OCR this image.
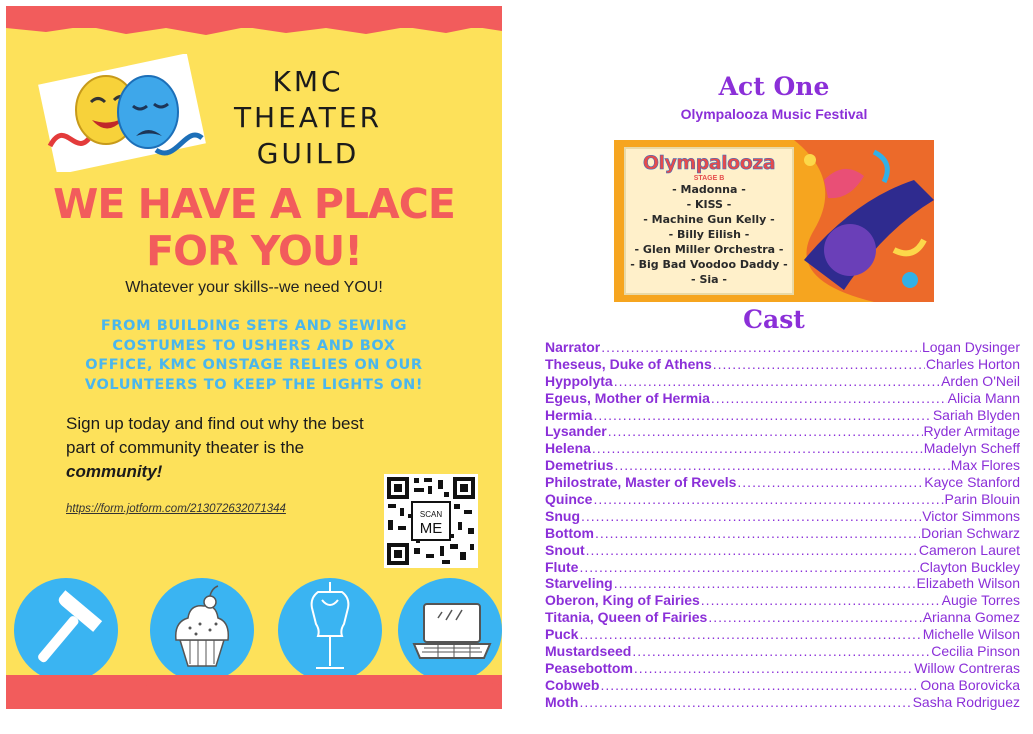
KMC
THEATER
GUILD
WE HAVE A PLACE
FOR YOU!
Whatever your skills--we need YOU!
FROM BUILDING SETS AND SEWING
COSTUMES TO USHERS AND BOX
OFFICE, KMC ONSTAGE RELIES ON OUR
VOLUNTEERS TO KEEP THE LIGHTS ON!
Sign up today and find out why the best
part of community theater is the
community!
https://form.jotform.com/213072632071344	SCAN
ME
Act One
Olympalooza Music Festival
Olympalooza
STAGE B
- Madonna -
- KISS -
- Machine Gun Kelly -
- Billy Eilish -
- Glen Miller Orchestra -
- Big Bad Voodoo Daddy -
- Sia -
Cast
Narrator .....	Logan Dysinger
Theseus, Duke of Athens .....	Charles Horton
Hyppolyta .....	Arden O'Neil
Egeus, Mother of Hermia .....	Alicia Mann
Hermia .....	Sariah Blyden
Lysander .....	Ryder Armitage
Helena .....	Madelyn Scheff
Demetrius .....	Max Flores
Philostrate, Master of Revels .....	Kayce Stanford
Quince .....	Parin Blouin
Snug .....	Victor Simmons
Bottom .....	Dorian Schwarz
Snout .....	Cameron Lauret
Flute .....	Clayton Buckley
Starveling .....	Elizabeth Wilson
Oberon, King of Fairies .....	Augie Torres
Titania, Queen of Fairies .....	Arianna Gomez
Puck .....	Michelle Wilson
Mustardseed .....	Cecilia Pinson
Peasebottom .....	Willow Contreras
Cobweb .....	Oona Borovicka
Moth .....	Sasha Rodriguez
